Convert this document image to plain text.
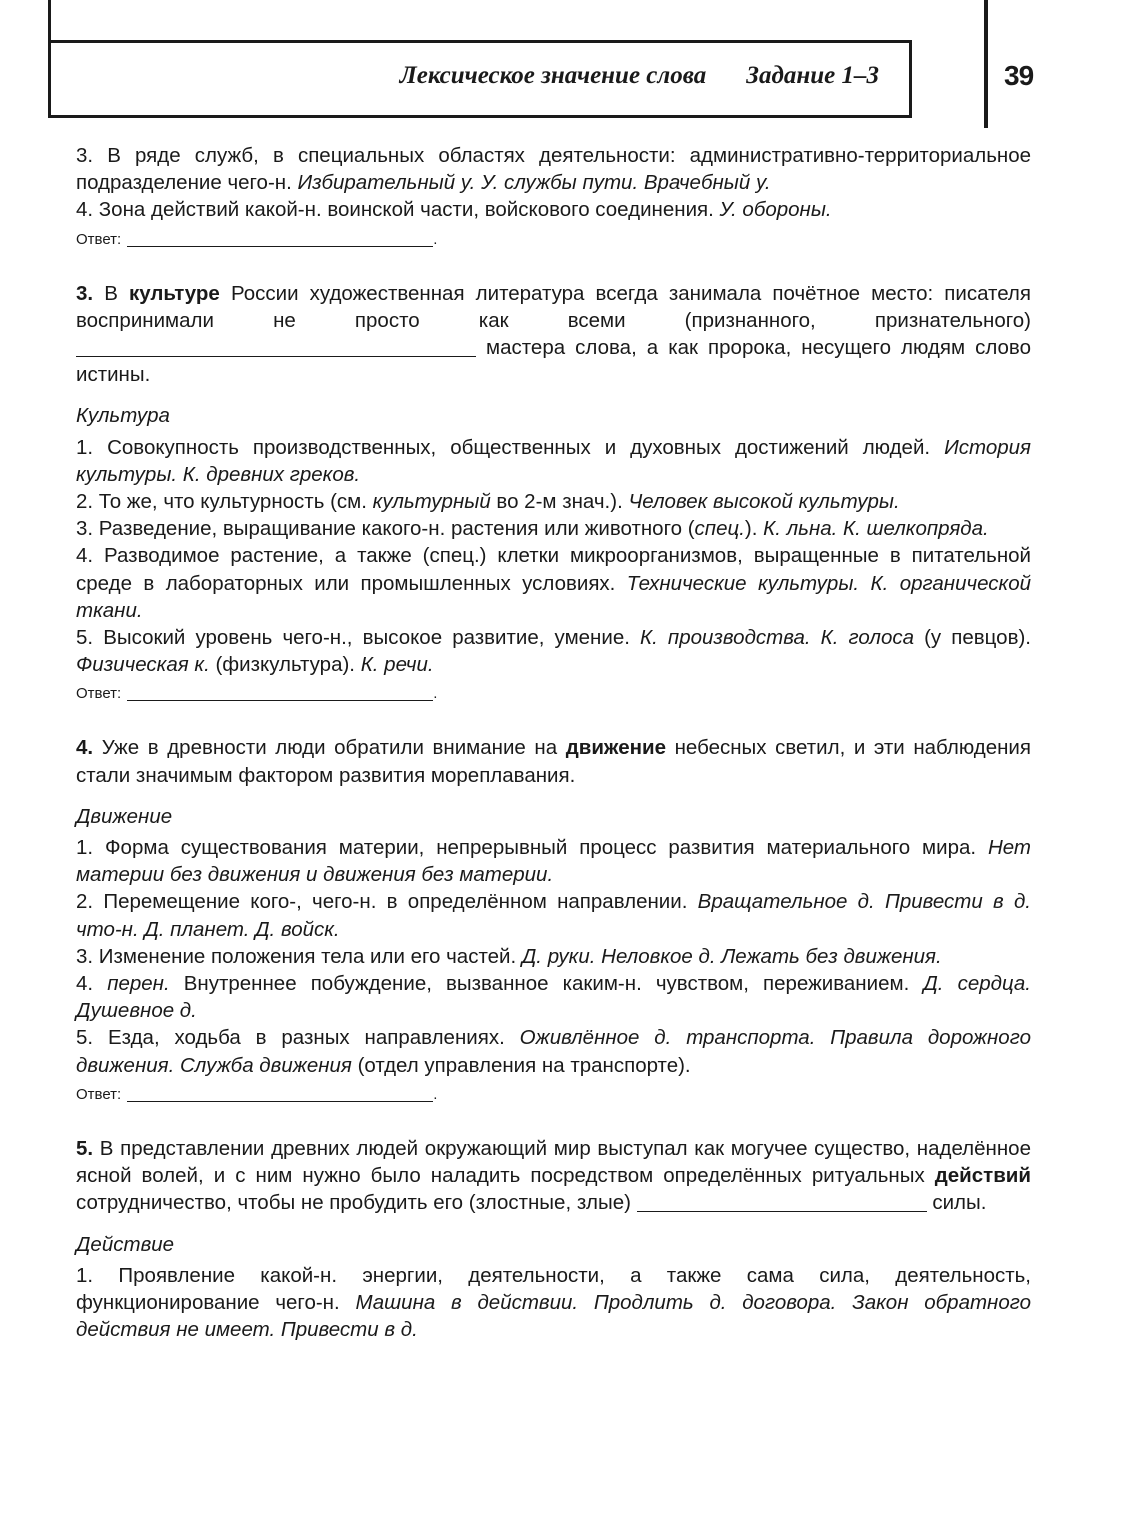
Лексическое значение слова Задание 1–3	39

3. В ряде служб, в специальных областях деятельности: административно-территориальное подразделение чего-н. Избирательный у. У. службы пути. Врачебный у.

4. Зона действий какой-н. воинской части, войскового соединения. У. обороны.

Ответ:	.

3. В культуре России художественная литература всегда занимала почётное место: писателя воспринимали не просто как всеми (признанного, признательного)  мастера слова, а как пророка, несущего людям слово истины.

Культура

1. Совокупность производственных, общественных и духовных достижений людей. История культуры. К. древних греков.

2. То же, что культурность (см. культурный во 2-м знач.). Человек высокой культуры.

3. Разведение, выращивание какого-н. растения или животного (спец.). К. льна. К. шелкопряда.

4. Разводимое растение, а также (спец.) клетки микроорганизмов, выращенные в питательной среде в лабораторных или промышленных условиях. Технические культуры. К. органической ткани.

5. Высокий уровень чего-н., высокое развитие, умение. К. производства. К. голоса (у певцов). Физическая к. (физкультура). К. речи.

Ответ:	.

4. Уже в древности люди обратили внимание на движение небесных светил, и эти наблюдения стали значимым фактором развития мореплавания.

Движение

1. Форма существования материи, непрерывный процесс развития материального мира. Нет материи без движения и движения без материи.

2. Перемещение кого-, чего-н. в определённом направлении. Вращательное д. Привести в д. что-н. Д. планет. Д. войск.

3. Изменение положения тела или его частей. Д. руки. Неловкое д. Лежать без движения.

4. перен. Внутреннее побуждение, вызванное каким-н. чувством, переживанием. Д. сердца. Душевное д.

5. Езда, ходьба в разных направлениях. Оживлённое д. транспорта. Правила дорожного движения. Служба движения (отдел управления на транспорте).

Ответ:	.

5. В представлении древних людей окружающий мир выступал как могучее существо, наделённое ясной волей, и с ним нужно было наладить посредством определённых ритуальных действий сотрудничество, чтобы не пробудить его (злостные, злые)	силы.

Действие

1. Проявление какой-н. энергии, деятельности, а также сама сила, деятельность, функционирование чего-н. Машина в действии. Продлить д. договора. Закон обратного действия не имеет. Привести в д.
